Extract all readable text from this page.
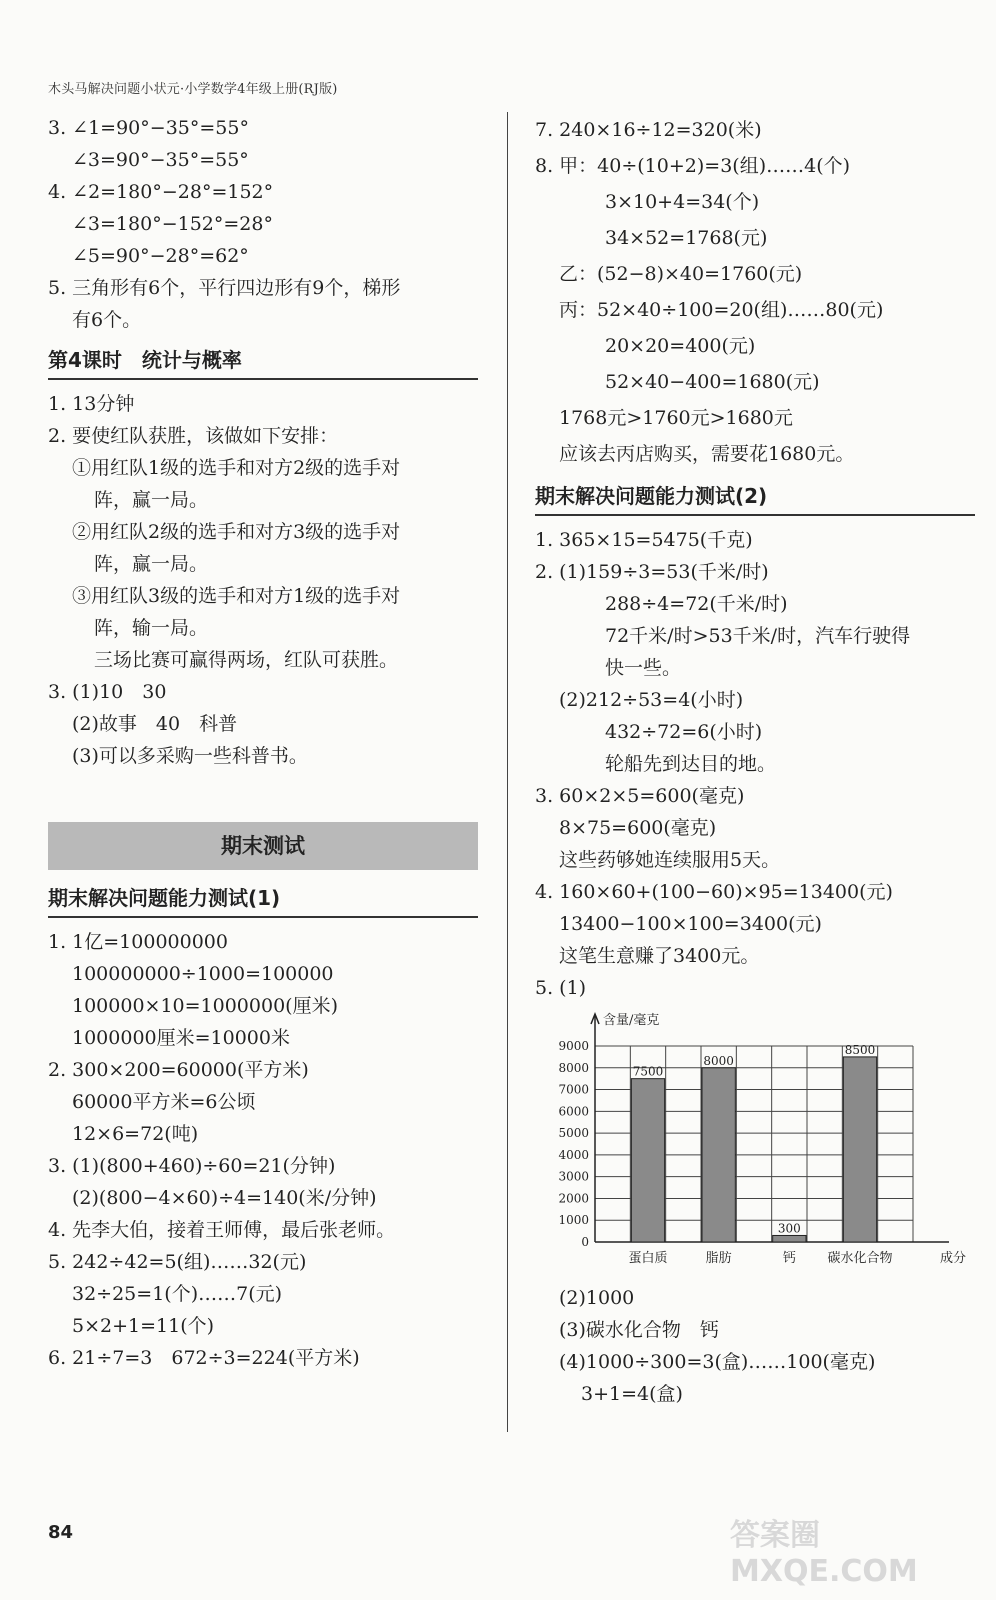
木头马解决问题小状元·小学数学4年级上册(RJ版)
3. ∠1=90°−35°=55°
∠3=90°−35°=55°
4. ∠2=180°−28°=152°
∠3=180°−152°=28°
∠5=90°−28°=62°
5. 三角形有6个，平行四边形有9个，梯形
有6个。
第4课时　统计与概率
1. 13分钟
2. 要使红队获胜，该做如下安排：
①用红队1级的选手和对方2级的选手对
阵，赢一局。
②用红队2级的选手和对方3级的选手对
阵，赢一局。
③用红队3级的选手和对方1级的选手对
阵，输一局。
三场比赛可赢得两场，红队可获胜。
3. (1)10　30
(2)故事　40　科普
(3)可以多采购一些科普书。
期末测试
期末解决问题能力测试(1)
1. 1亿=100000000
100000000÷1000=100000
100000×10=1000000(厘米)
1000000厘米=10000米
2. 300×200=60000(平方米)
60000平方米=6公顷
12×6=72(吨)
3. (1)(800+460)÷60=21(分钟)
(2)(800−4×60)÷4=140(米/分钟)
4. 先李大伯，接着王师傅，最后张老师。
5. 242÷42=5(组)……32(元)
32÷25=1(个)……7(元)
5×2+1=11(个)
6. 21÷7=3　672÷3=224(平方米)
7. 240×16÷12=320(米)
8. 甲：40÷(10+2)=3(组)……4(个)
3×10+4=34(个)
34×52=1768(元)
乙：(52−8)×40=1760(元)
丙：52×40÷100=20(组)……80(元)
20×20=400(元)
52×40−400=1680(元)
1768元>1760元>1680元
应该去丙店购买，需要花1680元。
期末解决问题能力测试(2)
1. 365×15=5475(千克)
2. (1)159÷3=53(千米/时)
288÷4=72(千米/时)
72千米/时>53千米/时，汽车行驶得
快一些。
(2)212÷53=4(小时)
432÷72=6(小时)
轮船先到达目的地。
3. 60×2×5=600(毫克)
8×75=600(毫克)
这些药够她连续服用5天。
4. 160×60+(100−60)×95=13400(元)
13400−100×100=3400(元)
这笔生意赚了3400元。
5. (1)
0
1000
2000
3000
4000
5000
6000
7000
8000
9000
含量/毫克
成分
7500
蛋白质
8000
脂肪
300
钙
8500
碳水化合物
(2)1000
(3)碳水化合物　钙
(4)1000÷300=3(盒)……100(毫克)
3+1=4(盒)
84	答案圈 MXQE.COM
